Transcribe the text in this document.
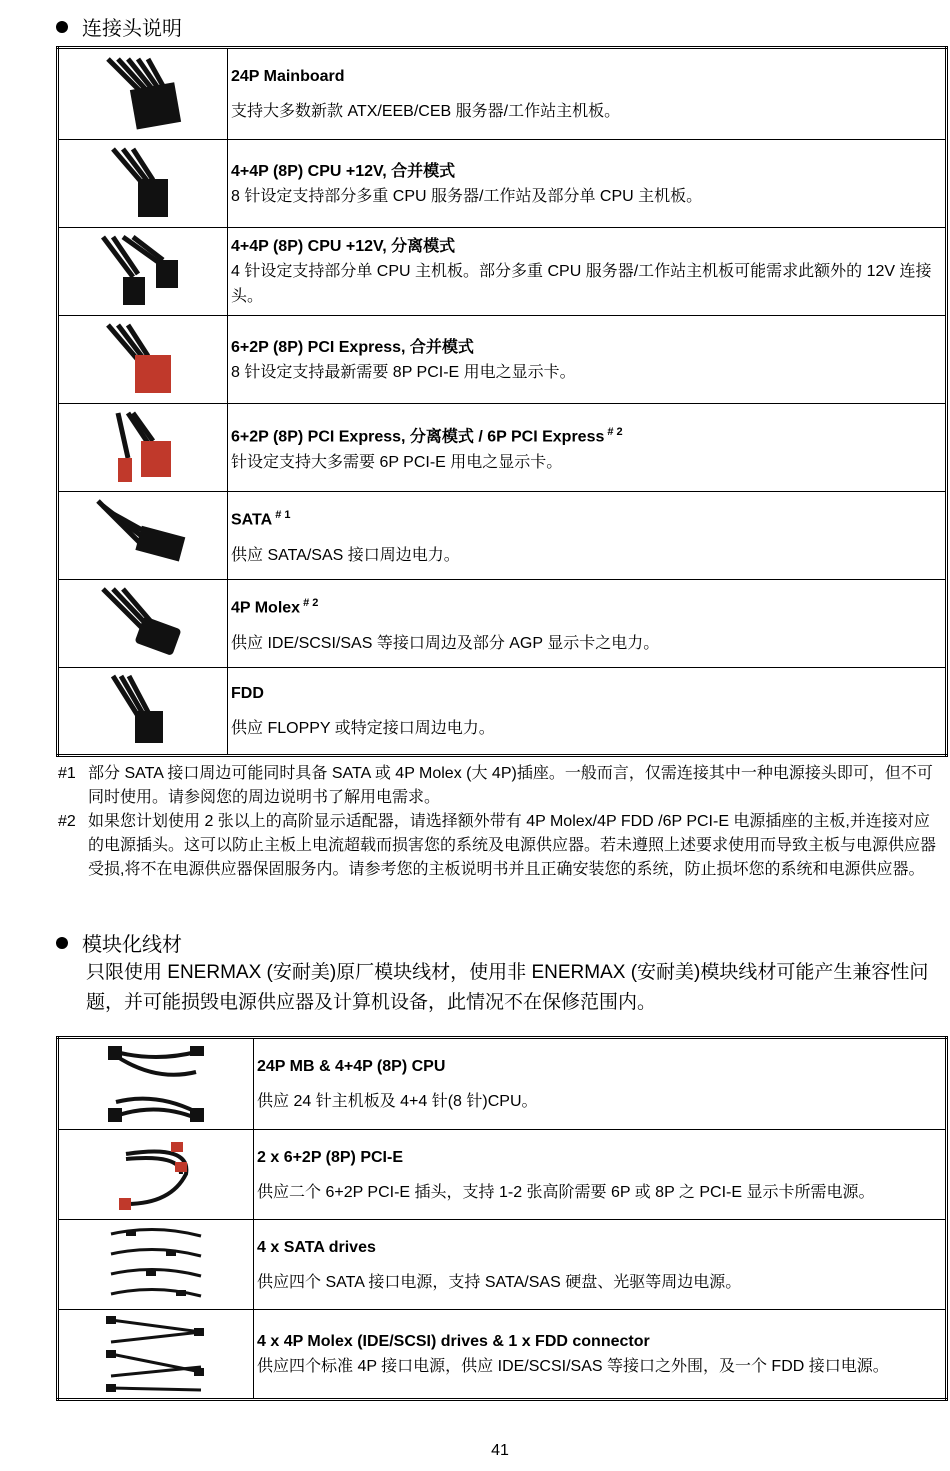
连接头说明

24P Mainboard
支持大多数新款 ATX/EEB/CEB 服务器/工作站主机板。

4+4P (8P) CPU +12V, 合并模式
8 针设定支持部分多重 CPU 服务器/工作站及部分单 CPU 主机板。

4+4P (8P) CPU +12V, 分离模式
4 针设定支持部分单 CPU 主机板。部分多重 CPU 服务器/工作站主机板可能需求此额外的 12V 连接头。

6+2P (8P) PCI Express, 合并模式
8 针设定支持最新需要 8P PCI-E 用电之显示卡。

6+2P (8P) PCI Express, 分离模式 / 6P PCI Express $^{\# 2}$
针设定支持大多需要 6P PCI-E 用电之显示卡。

SATA $^{\# 1}$
供应 SATA/SAS 接口周边电力。

4P Molex $^{\# 2}$
供应 IDE/SCSI/SAS 等接口周边及部分 AGP 显示卡之电力。

FDD
供应 FLOPPY 或特定接口周边电力。
#1 部分 SATA 接口周边可能同时具备 SATA 或 4P Molex (大 4P)插座。一般而言，仅需连接其中一种电源接头即可，但不可同时使用。请参阅您的周边说明书了解用电需求。
#2 如果您计划使用 2 张以上的高阶显示适配器，请选择额外带有 4P Molex/4P FDD /6P PCI-E 电源插座的主板,并连接对应的电源插头。这可以防止主板上电流超载而损害您的系统及电源供应器。若未遵照上述要求使用而导致主板与电源供应器受损,将不在电源供应器保固服务内。请参考您的主板说明书并且正确安装您的系统，防止损坏您的系统和电源供应器。
模块化线材
只限使用 ENERMAX (安耐美)原厂模块线材，使用非 ENERMAX (安耐美)模块线材可能产生兼容性问题，并可能损毁电源供应器及计算机设备，此情况不在保修范围内。

24P MB & 4+4P (8P) CPU
供应 24 针主机板及 4+4 针(8 针)CPU。

2 x 6+2P (8P) PCI-E
供应二个 6+2P PCI-E 插头，支持 1-2 张高阶需要 6P 或 8P 之 PCI-E 显示卡所需电源。

4 x SATA drives
供应四个 SATA 接口电源，支持 SATA/SAS 硬盘、光驱等周边电源。

4 x 4P Molex (IDE/SCSI) drives & 1 x FDD connector
供应四个标准 4P 接口电源，供应 IDE/SCSI/SAS 等接口之外围，及一个 FDD 接口电源。
41
